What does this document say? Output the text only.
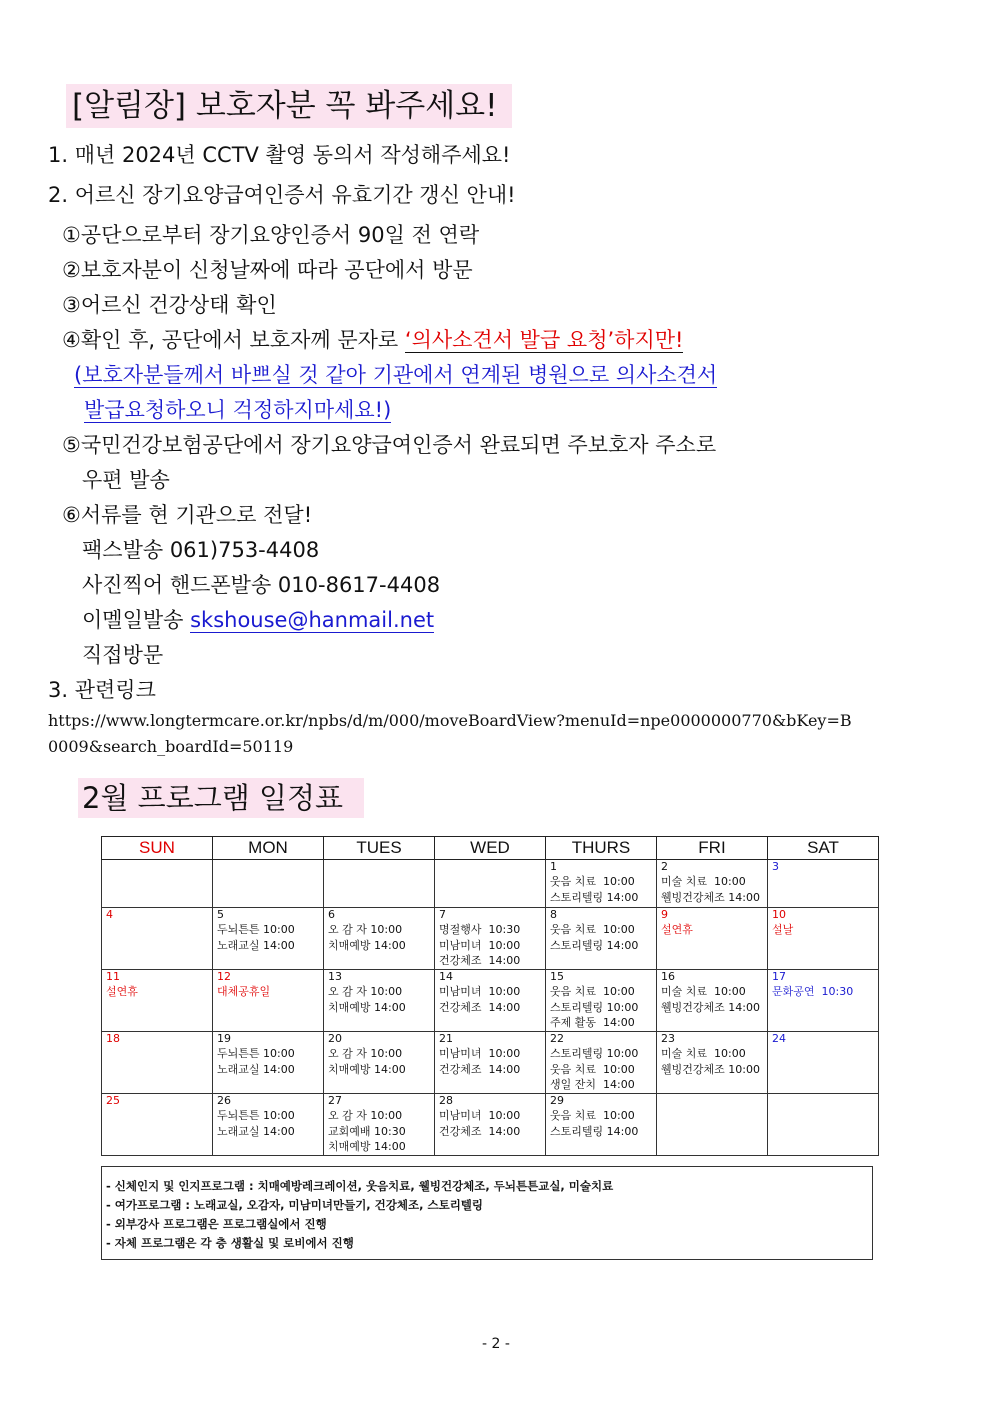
[알림장] 보호자분 꼭 봐주세요!
1. 매년 2024년 CCTV 촬영 동의서 작성해주세요!
2. 어르신 장기요양급여인증서 유효기간 갱신 안내!
①공단으로부터 장기요양인증서 90일 전 연락
②보호자분이 신청날짜에 따라 공단에서 방문
③어르신 건강상태 확인
④확인 후, 공단에서 보호자께 문자로 ‘의사소견서 발급 요청’하지만!
(보호자분들께서 바쁘실 것 같아 기관에서 연계된 병원으로 의사소견서
발급요청하오니 걱정하지마세요!)
⑤국민건강보험공단에서 장기요양급여인증서 완료되면 주보호자 주소로
우편 발송
⑥서류를 현 기관으로 전달!
팩스발송 061)753-4408
사진찍어 핸드폰발송 010-8617-4408
이멜일발송 skshouse@hanmail.net
직접방문
3. 관련링크
https://www.longtermcare.or.kr/npbs/d/m/000/moveBoardView?menuId=npe0000000770&bKey=B
0009&search_boardId=50119
2월 프로그램 일정표
SUN	MON	TUES	WED	THURS	FRI	SAT

				1
웃음 치료  10:00
스토리텔링 14:00	2
미술 치료  10:00
웰빙건강체조 14:00	3

4	5
두뇌튼튼 10:00
노래교실 14:00	6
오 감 자 10:00
치매예방 14:00	7
명절행사  10:30
미남미녀  10:00
건강체조  14:00	8
웃음 치료  10:00
스토리텔링 14:00	9
설연휴	10
설날

11
설연휴	12
대체공휴일	13
오 감 자 10:00
치매예방 14:00	14
미남미녀  10:00
건강체조  14:00	15
웃음 치료  10:00
스토리텔링 10:00
주제 활동  14:00	16
미술 치료  10:00
웰빙건강체조 14:00	17
문화공연  10:30

18	19
두뇌튼튼 10:00
노래교실 14:00	20
오 감 자 10:00
치매예방 14:00	21
미남미녀  10:00
건강체조  14:00	22
스토리텔링 10:00
웃음 치료  10:00
생일 잔치  14:00	23
미술 치료  10:00
웰빙건강체조 10:00	24

25	26
두뇌튼튼 10:00
노래교실 14:00	27
오 감 자 10:00
교회예배 10:30
치매예방 14:00	28
미남미녀  10:00
건강체조  14:00	29
웃음 치료  10:00
스토리텔링 14:00		

- 신체인지 및 인지프로그램 : 치매예방레크레이션, 웃음치료, 웰빙건강체조, 두뇌튼튼교실, 미술치료
- 여가프로그램 : 노래교실, 오감자, 미남미녀만들기, 건강체조, 스토리텔링
- 외부강사 프로그램은 프로그램실에서 진행
- 자체 프로그램은 각 층 생활실 및 로비에서 진행
- 2 -
